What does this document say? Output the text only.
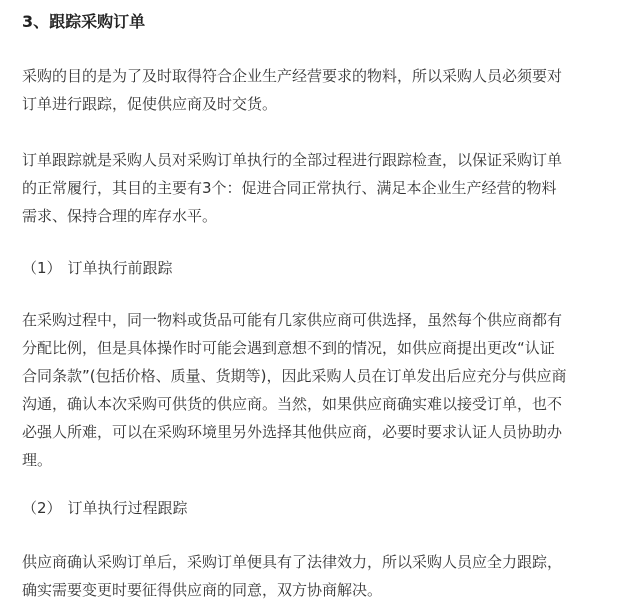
3、跟踪采购订单
采购的目的是为了及时取得符合企业生产经营要求的物料，所以采购人员必须要对
订单进行跟踪，促使供应商及时交货。
订单跟踪就是采购人员对采购订单执行的全部过程进行跟踪检查，以保证采购订单
的正常履行，其目的主要有3个：促进合同正常执行、满足本企业生产经营的物料
需求、保持合理的库存水平。
（1） 订单执行前跟踪
在采购过程中，同一物料或货品可能有几家供应商可供选择，虽然每个供应商都有
分配比例，但是具体操作时可能会遇到意想不到的情况，如供应商提出更改“认证
合同条款”(包括价格、质量、货期等)，因此采购人员在订单发出后应充分与供应商
沟通，确认本次采购可供货的供应商。当然，如果供应商确实难以接受订单，也不
必强人所难，可以在采购环境里另外选择其他供应商，必要时要求认证人员协助办
理。
（2） 订单执行过程跟踪
供应商确认采购订单后，采购订单便具有了法律效力，所以采购人员应全力跟踪，
确实需要变更时要征得供应商的同意，双方协商解决。
